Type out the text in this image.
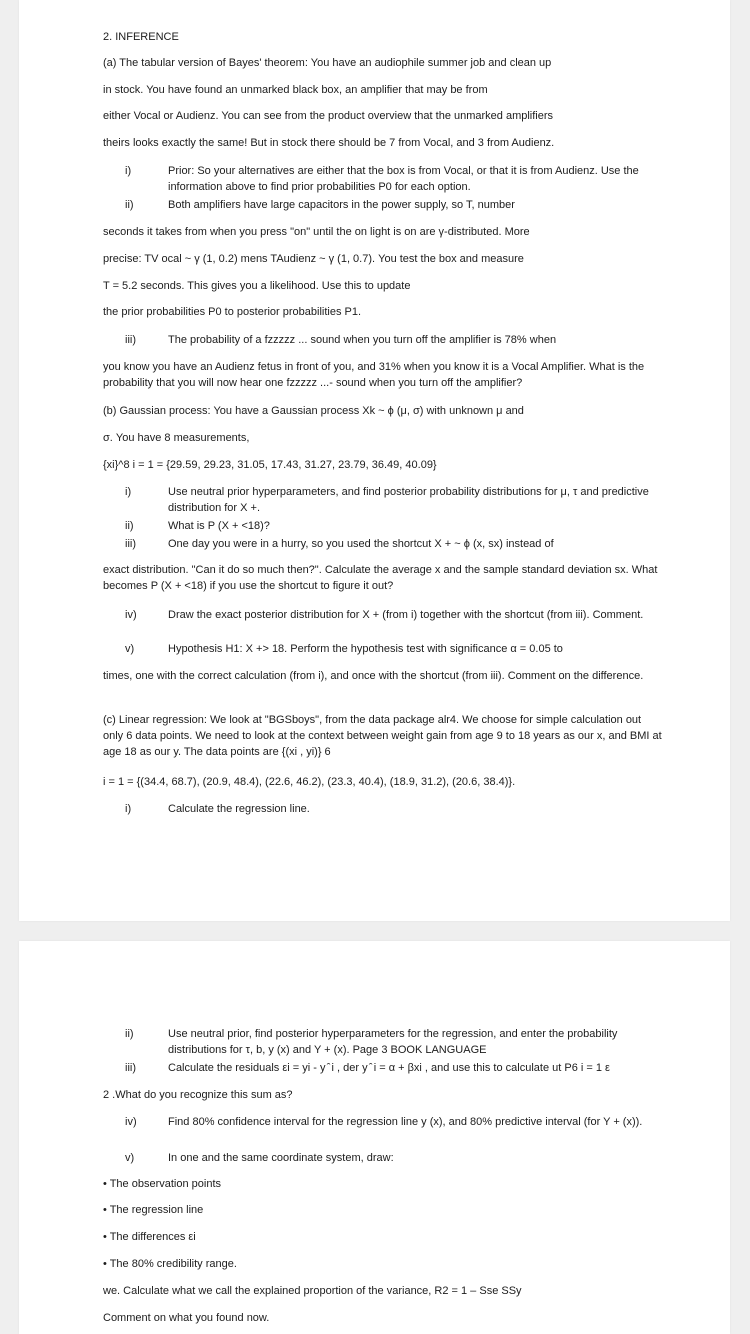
2. INFERENCE

(a) The tabular version of Bayes' theorem: You have an audiophile summer job and clean up

in stock. You have found an unmarked black box, an amplifier that may be from

either Vocal or Audienz. You can see from the product overview that the unmarked amplifiers

theirs looks exactly the same! But in stock there should be 7 from Vocal, and 3 from Audienz.

i)	Prior: So your alternatives are either that the box is from Vocal, or that it is from Audienz. Use the information above to find prior probabilities P0 for each option.

ii)	Both amplifiers have large capacitors in the power supply, so T, number

seconds it takes from when you press "on" until the on light is on are γ-distributed. More

precise: TV ocal ~ γ (1, 0.2) mens TAudienz ~ γ (1, 0.7). You test the box and measure

T = 5.2 seconds. This gives you a likelihood. Use this to update

the prior probabilities P0 to posterior probabilities P1.

iii)	The probability of a fzzzzz ... sound when you turn off the amplifier is 78% when

you know you have an Audienz fetus in front of you, and 31% when you know it is a Vocal Amplifier. What is the probability that you will now hear one fzzzzz ...- sound when you turn off the amplifier?

(b) Gaussian process: You have a Gaussian process Xk ~ ϕ (μ, σ) with unknown μ and

σ. You have 8 measurements,

{xi}^8 i = 1 = {29.59, 29.23, 31.05, 17.43, 31.27, 23.79, 36.49, 40.09}

i)	Use neutral prior hyperparameters, and find posterior probability distributions for μ, τ and predictive distribution for X +.

ii)	What is P (X + <18)?

iii)	One day you were in a hurry, so you used the shortcut X + ~ ϕ (x, sx) instead of

exact distribution. "Can it do so much then?". Calculate the average x and the sample standard deviation sx. What becomes P (X + <18) if you use the shortcut to figure it out?

iv)	Draw the exact posterior distribution for X + (from i) together with the shortcut (from iii). Comment.

v)	Hypothesis H1: X +> 18. Perform the hypothesis test with significance α = 0.05 to

times, one with the correct calculation (from i), and once with the shortcut (from iii). Comment on the difference.

(c) Linear regression: We look at "BGSboys", from the data package alr4. We choose for simple calculation out only 6 data points. We need to look at the context between weight gain from age 9 to 18 years as our x, and BMI at age 18 as our y. The data points are {(xi , yi)} 6

i = 1 = {(34.4, 68.7), (20.9, 48.4), (22.6, 46.2), (23.3, 40.4), (18.9, 31.2), (20.6, 38.4)}.

i)	Calculate the regression line.

ii)	Use neutral prior, find posterior hyperparameters for the regression, and enter the probability distributions for τ, b, y (x) and Y + (x). Page 3 BOOK LANGUAGE

iii)	Calculate the residuals εi = yi - y ̂ i , der y ̂ i = α + βxi , and use this to calculate ut P6 i = 1 ε

2 .What do you recognize this sum as?

iv)	Find 80% confidence interval for the regression line y (x), and 80% predictive interval (for Y + (x)).

v)	In one and the same coordinate system, draw:

• The observation points

• The regression line

• The differences εi

• The 80% credibility range.

we. Calculate what we call the explained proportion of the variance, R2 = 1 – Sse SSy

Comment on what you found now.
